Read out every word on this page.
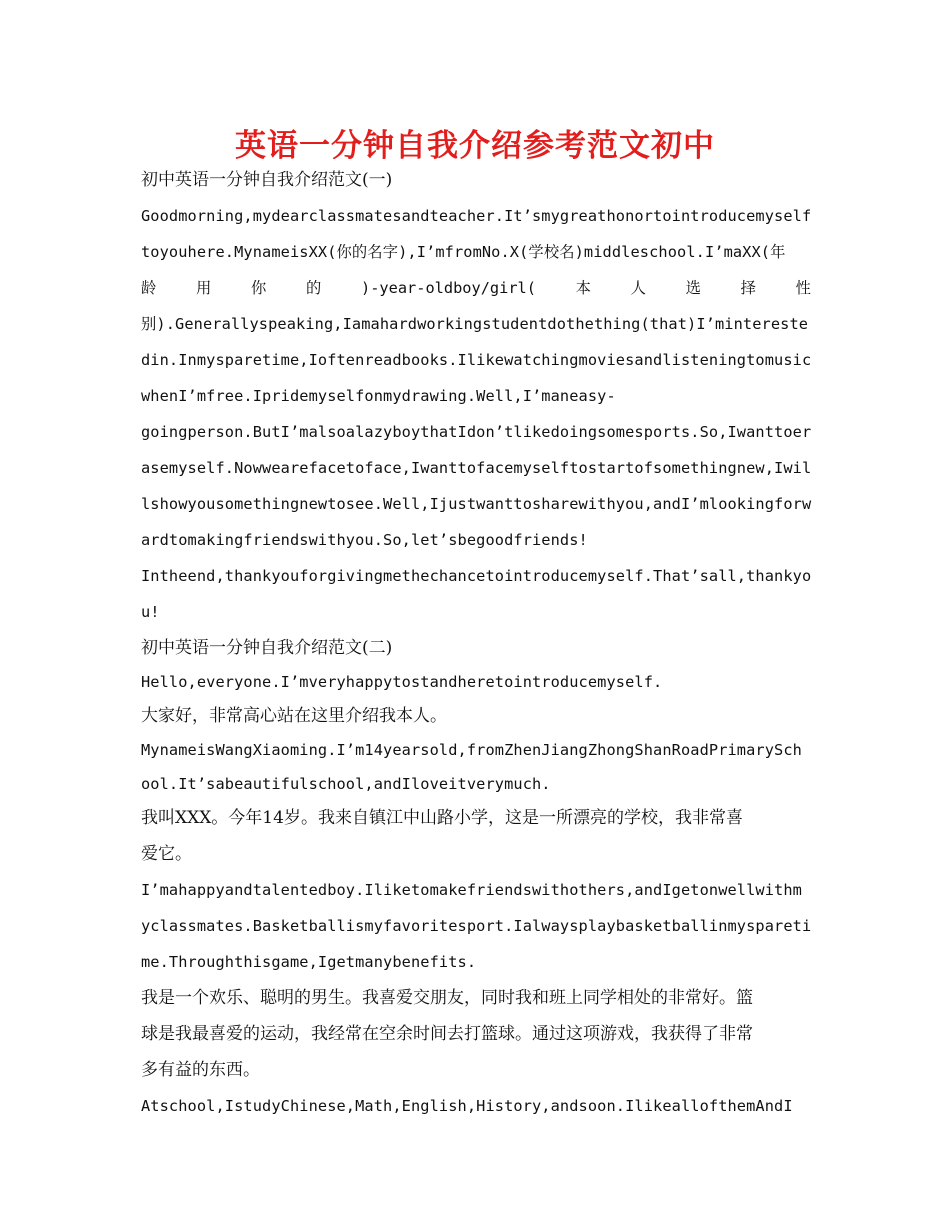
英语一分钟自我介绍参考范文初中
初中英语一分钟自我介绍范文(一)
Goodmorning,mydearclassmatesandteacher.It’smygreathonortointroducemyself
toyouhere.MynameisXX(你的名字),I’mfromNo.X(学校名)middleschool.I’maXX(年
龄	用	你	的	)-year-oldboy/girl(	本	人	选	择	性
别).Generallyspeaking,Iamahardworkingstudentdothething(that)I’minterestе
din.Inmysparetime,Ioftenreadbooks.Ilikewatchingmoviesandlisteningtomusic
whenI’mfree.Ipridemyselfonmydrawing.Well,I’maneasy-
goingperson.ButI’malsoalazyboythatIdon’tlikedoingsomesports.So,Iwanttoer
asemyself.Nowwearefacetoface,Iwanttofacemyselftostartofsomethingnew,Iwil
lshowyousomethingnewtosee.Well,Ijustwanttosharewithyou,andI’mlookingforw
ardtomakingfriendswithyou.So,let’sbegoodfriends!
Intheend,thankyouforgivingmethechancetointroducemyself.That’sall,thankyo
u!
初中英语一分钟自我介绍范文(二)
Hello,everyone.I’mveryhappytostandheretointroducemyself.
大家好，非常高心站在这里介绍我本人。
MynameisWangXiaoming.I’m14yearsold,fromZhenJiangZhongShanRoadPrimarySch
ool.It’sabeautifulschool,andIloveitverymuch.
我叫XXX。今年14岁。我来自镇江中山路小学，这是一所漂亮的学校，我非常喜
爱它。
I’mahappyandtalentedboy.Iliketomakefriendswithothers,andIgetonwellwithm
yclassmates.Basketballismyfavoritesport.Ialwaysplaybasketballinmyspareti
me.Throughthisgame,Igetmanybenefits.
我是一个欢乐、聪明的男生。我喜爱交朋友，同时我和班上同学相处的非常好。篮
球是我最喜爱的运动，我经常在空余时间去打篮球。通过这项游戏，我获得了非常
多有益的东西。
Atschool,IstudyChinese,Math,English,History,andsoon.IlikeallofthemAndI
